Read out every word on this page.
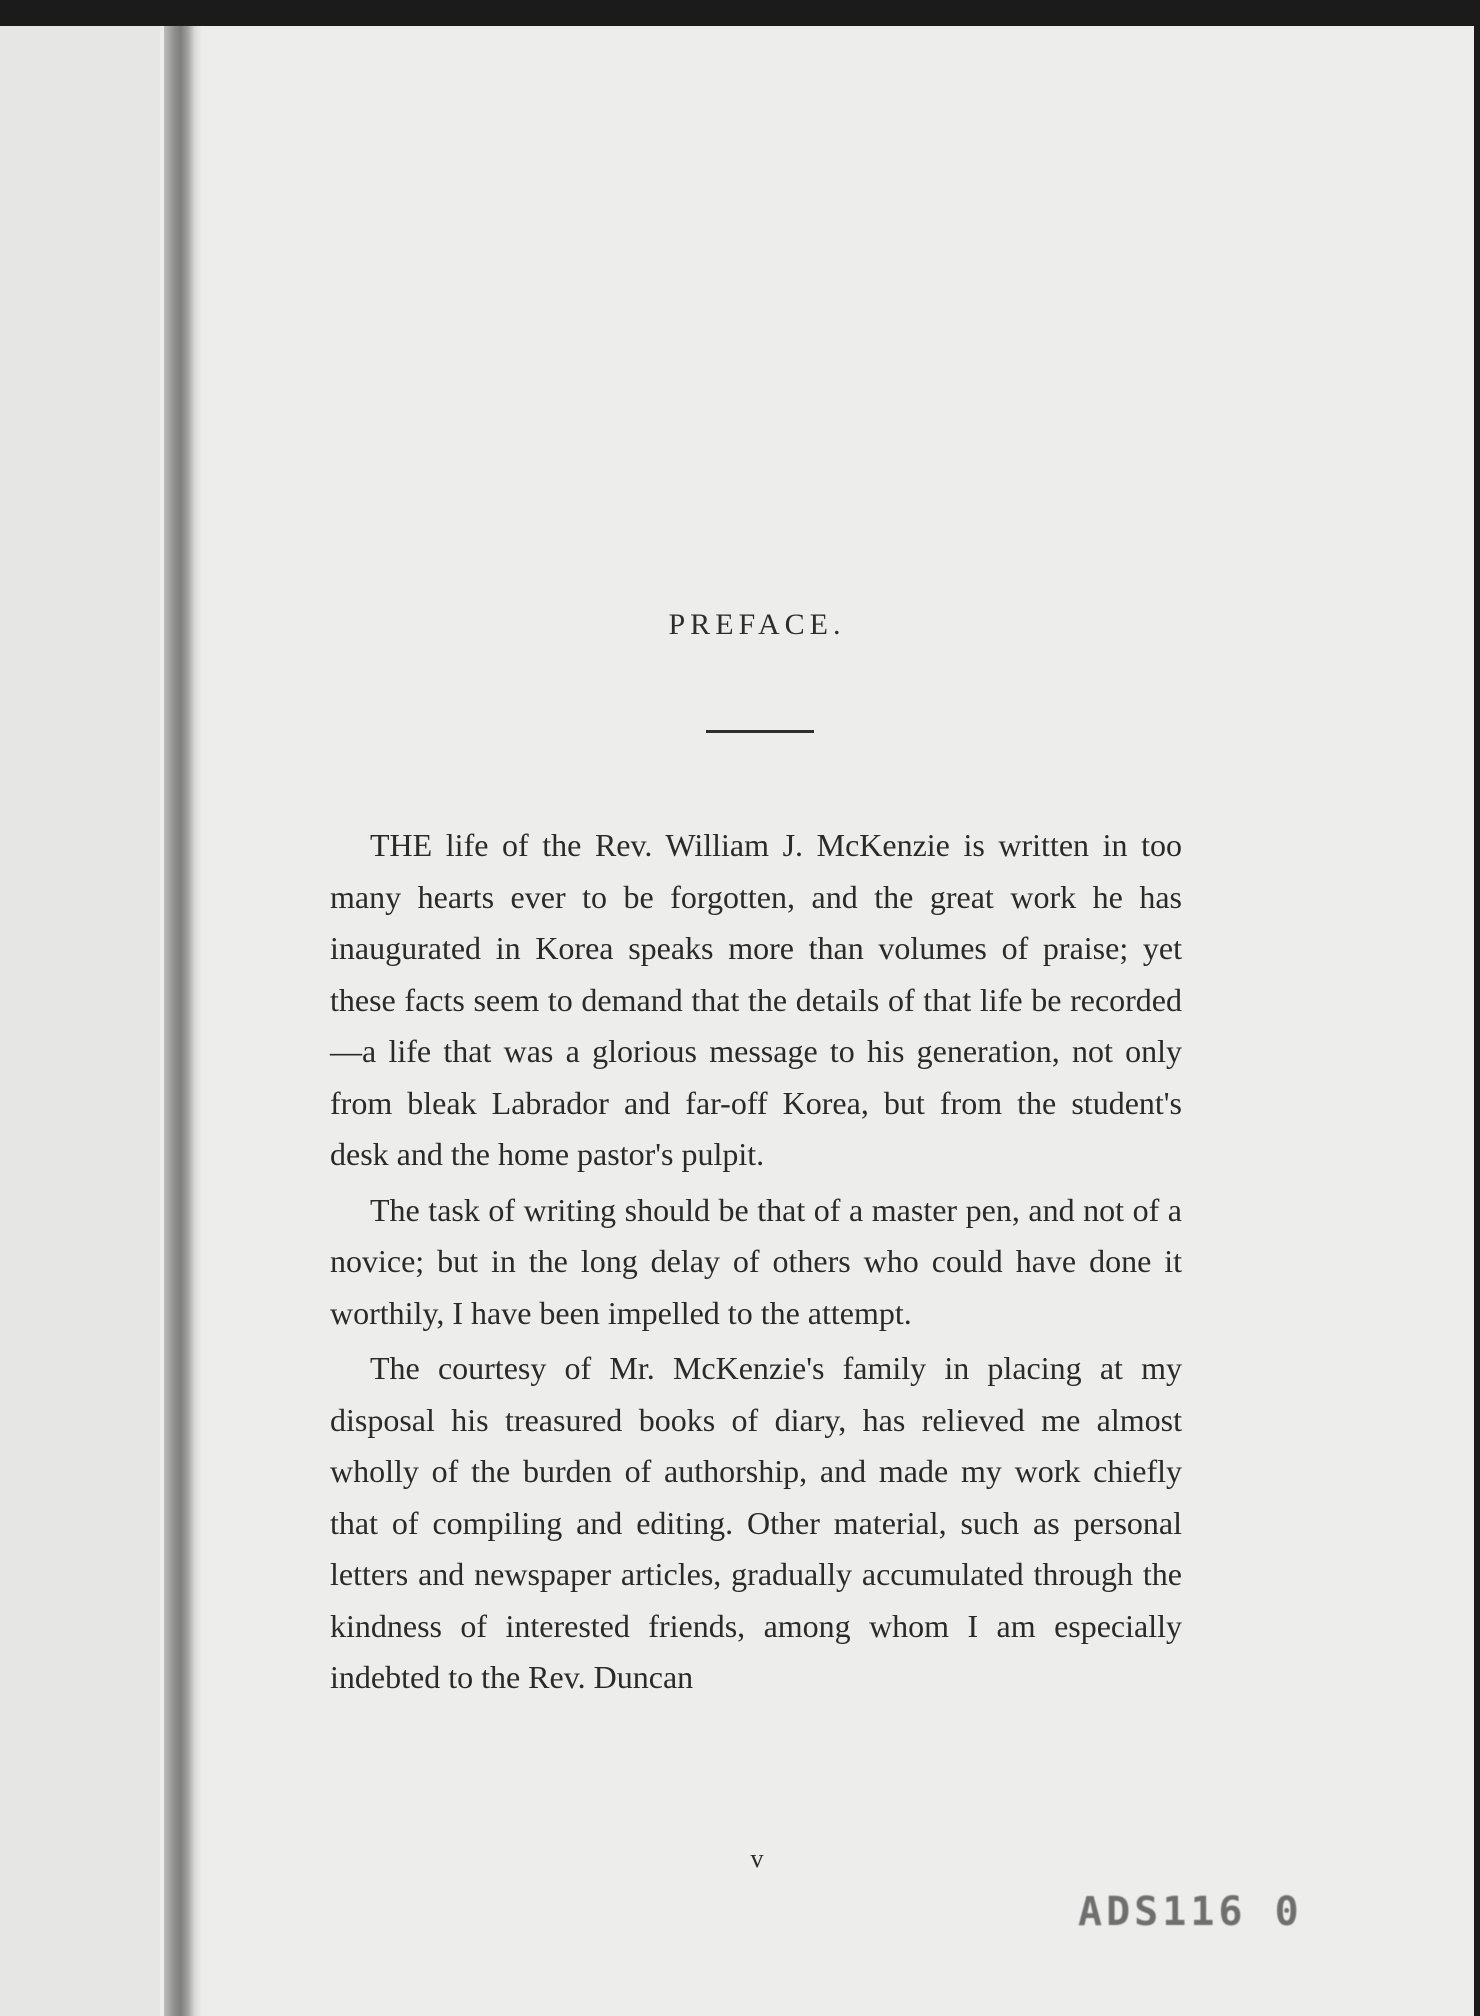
PREFACE.

THE life of the Rev. William J. McKenzie is written in too many hearts ever to be forgotten, and the great work he has inaugurated in Korea speaks more than volumes of praise; yet these facts seem to demand that the details of that life be recorded—a life that was a glorious message to his generation, not only from bleak Labrador and far-off Korea, but from the student's desk and the home pastor's pulpit.

The task of writing should be that of a master pen, and not of a novice; but in the long delay of others who could have done it worthily, I have been impelled to the attempt.

The courtesy of Mr. McKenzie's family in placing at my disposal his treasured books of diary, has relieved me almost wholly of the burden of authorship, and made my work chiefly that of compiling and editing. Other material, such as personal letters and newspaper articles, gradually accumulated through the kindness of interested friends, among whom I am especially indebted to the Rev. Duncan

v
ADS116 0
